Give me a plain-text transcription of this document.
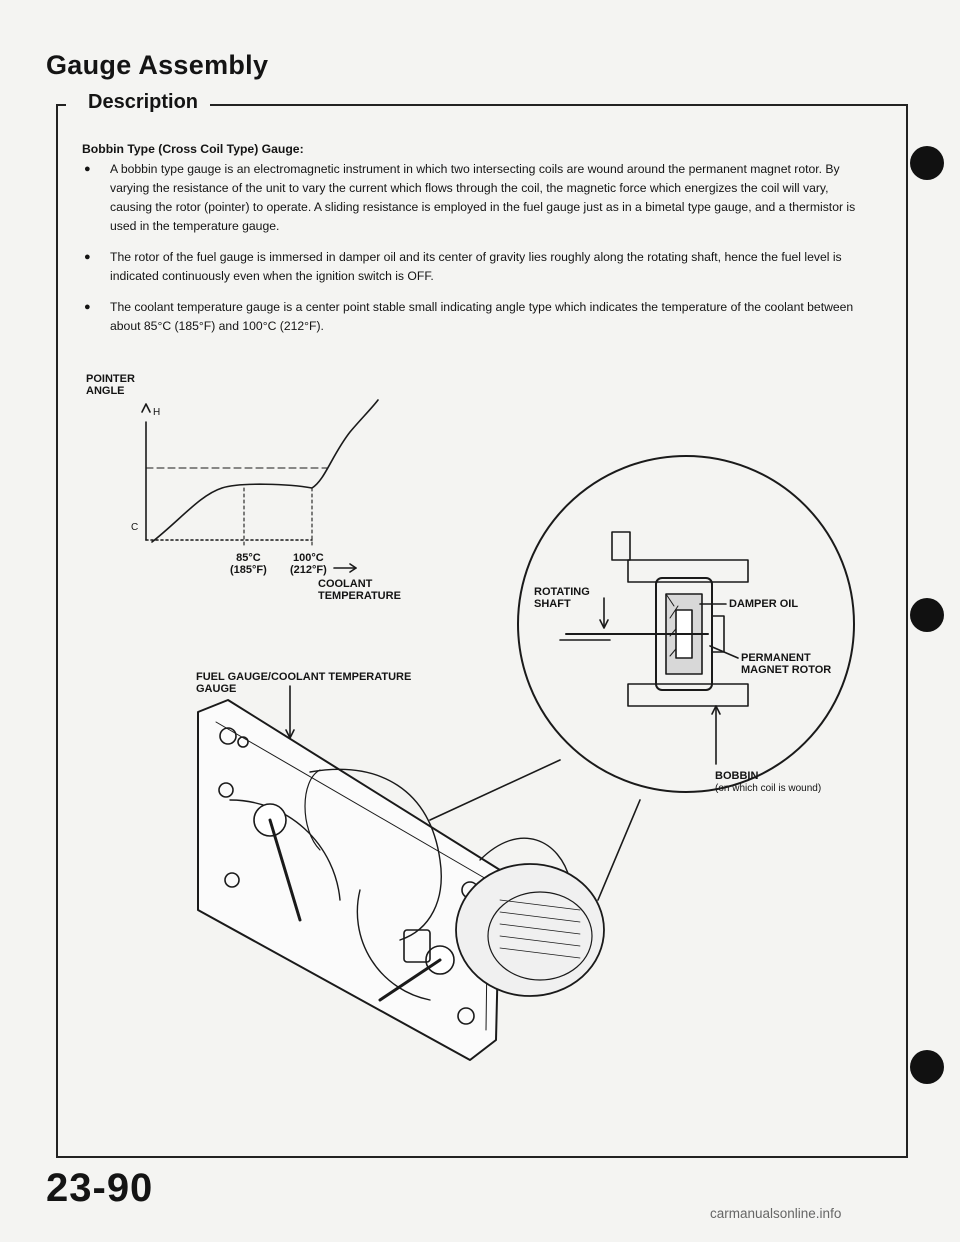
Gauge Assembly
Description
Bobbin Type (Cross Coil Type) Gauge:
● A bobbin type gauge is an electromagnetic instrument in which two intersecting coils are wound around the permanent magnet rotor. By varying the resistance of the unit to vary the current which flows through the coil, the magnetic force which energizes the coil will vary, causing the rotor (pointer) to operate. A sliding resistance is employed in the fuel gauge just as in a bimetal type gauge, and a thermistor is used in the temperature gauge.
● The rotor of the fuel gauge is immersed in damper oil and its center of gravity lies roughly along the rotating shaft, hence the fuel level is indicated continuously even when the ignition switch is OFF.
● The coolant temperature gauge is a center point stable small indicating angle type which indicates the temperature of the coolant between about 85°C (185°F) and 100°C (212°F).
POINTER
ANGLE
H
C
85°C
(185°F)
100°C
(212°F)
COOLANT
TEMPERATURE
FUEL GAUGE/COOLANT TEMPERATURE
GAUGE
ROTATING
SHAFT	DAMPER OIL
PERMANENT
MAGNET ROTOR
BOBBIN
(on which coil is wound)
23-90
carmanualsonline.info
